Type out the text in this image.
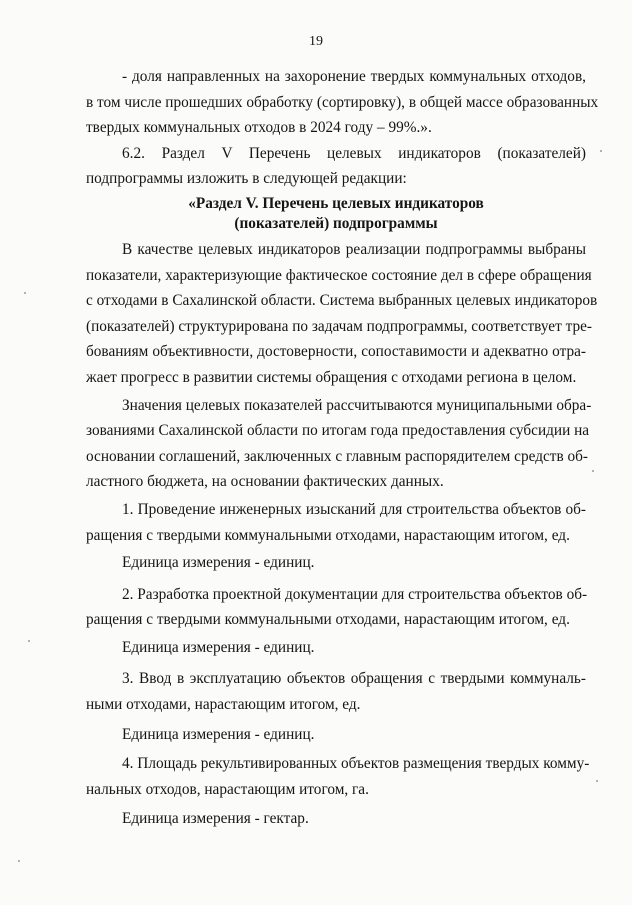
19
- доля направленных на захоронение твердых коммунальных отходов,
в том числе прошедших обработку (сортировку), в общей массе образованных
твердых коммунальных отходов в 2024 году – 99%.».
6.2. Раздел V Перечень целевых индикаторов (показателей)
подпрограммы изложить в следующей редакции:
«Раздел V. Перечень целевых индикаторов
(показателей) подпрограммы
В качестве целевых индикаторов реализации подпрограммы выбраны
показатели, характеризующие фактическое состояние дел в сфере обращения
с отходами в Сахалинской области. Система выбранных целевых индикаторов
(показателей) структурирована по задачам подпрограммы, соответствует тре-
бованиям объективности, достоверности, сопоставимости и адекватно отра-
жает прогресс в развитии системы обращения с отходами региона в целом.
Значения целевых показателей рассчитываются муниципальными обра-
зованиями Сахалинской области по итогам года предоставления субсидии на
основании соглашений, заключенных с главным распорядителем средств об-
ластного бюджета, на основании фактических данных.
1. Проведение инженерных изысканий для строительства объектов об-
ращения с твердыми коммунальными отходами, нарастающим итогом, ед.
Единица измерения - единиц.
2. Разработка проектной документации для строительства объектов об-
ращения с твердыми коммунальными отходами, нарастающим итогом, ед.
Единица измерения - единиц.
3. Ввод в эксплуатацию объектов обращения с твердыми коммуналь-
ными отходами, нарастающим итогом, ед.
Единица измерения - единиц.
4. Площадь рекультивированных объектов размещения твердых комму-
нальных отходов, нарастающим итогом, га.
Единица измерения - гектар.
